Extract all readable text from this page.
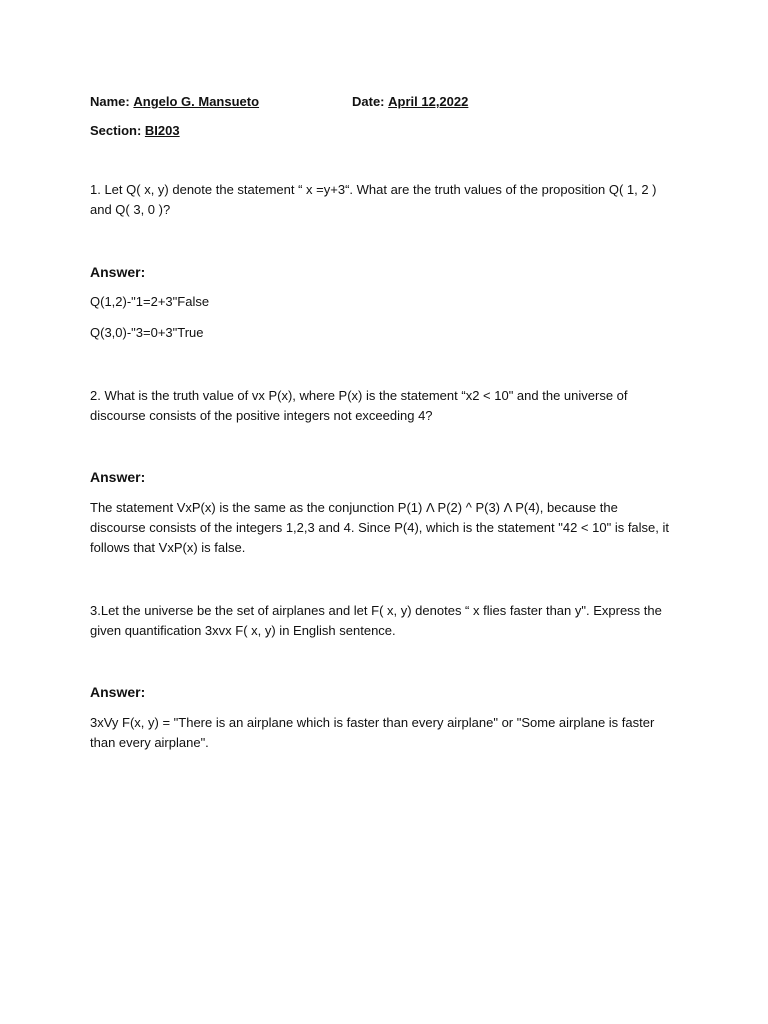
Name: Angelo G. Mansueto	Date: April 12,2022
Section: BI203
1. Let Q( x, y) denote the statement “ x =y+3“. What are the truth values of the proposition Q( 1, 2 ) and Q( 3, 0 )?
Answer:
Q(1,2)-"1=2+3"False
Q(3,0)-"3=0+3"True
2. What is the truth value of vx P(x), where P(x) is the statement “x2 < 10" and the universe of discourse consists of the positive integers not exceeding 4?
Answer:
The statement VxP(x) is the same as the conjunction P(1) Λ P(2) ^ P(3) Λ P(4), because the discourse consists of the integers 1,2,3 and 4. Since P(4), which is the statement "42 < 10" is false, it follows that VxP(x) is false.
3.Let the universe be the set of airplanes and let F( x, y) denotes “ x flies faster than y". Express the given quantification 3xvx F( x, y) in English sentence.
Answer:
3xVy F(x, y) = "There is an airplane which is faster than every airplane" or "Some airplane is faster than every airplane".
